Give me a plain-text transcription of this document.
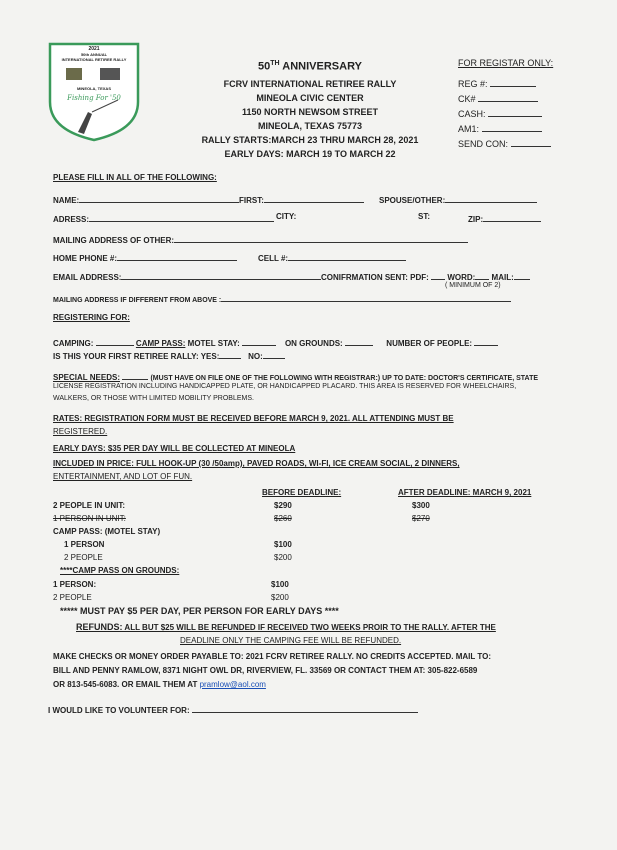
2021
50th ANNUAL
INTERNATIONAL RETIREE RALLY
MINEOLA, TEXAS
Fishing For '50
50TH ANNIVERSARY
FCRV INTERNATIONAL RETIREE RALLY
MINEOLA CIVIC CENTER
1150 NORTH NEWSOM STREET
MINEOLA, TEXAS 75773
RALLY STARTS:MARCH 23 THRU MARCH 28, 2021
EARLY DAYS: MARCH 19 TO MARCH 22
FOR REGISTAR ONLY:
REG #:
CK#
CASH:
AM1:
SEND CON:
PLEASE FILL IN ALL OF THE FOLLOWING:
NAME:	FIRST:	SPOUSE/OTHER:
ADRESS:	CITY:	ST:	ZIP:
MAILING ADDRESS OF OTHER:
HOME PHONE #:	CELL #:
EMAIL ADDRESS:	CONIFRMATION SENT: PDF: WORD: MAIL:
( MINIMUM OF 2)
MAILING ADDRESS IF DIFFERENT FROM ABOVE :
REGISTERING FOR:
CAMPING:	CAMP PASS: MOTEL STAY:	ON GROUNDS:	NUMBER OF PEOPLE:
IS THIS YOUR FIRST RETIREE RALLY: YES:	NO:
SPECIAL NEEDS:	(MUST HAVE ON FILE ONE OF THE FOLLOWING WITH REGISTRAR:) UP TO DATE: DOCTOR'S CERTIFICATE, STATE
LICENSE REGISTRATION INCLUDING HANDICAPPED PLATE, OR HANDICAPPED PLACARD. THIS AREA IS RESERVED FOR WHEELCHAIRS,
WALKERS, OR THOSE WITH LIMITED MOBILITY PROBLEMS.
RATES: REGISTRATION FORM MUST BE RECEIVED BEFORE MARCH 9, 2021. ALL ATTENDING MUST BE
REGISTERED.
EARLY DAYS: $35 PER DAY WILL BE COLLECTED AT MINEOLA
INCLUDED IN PRICE: FULL HOOK-UP (30 /50amp), PAVED ROADS, WI-FI, ICE CREAM SOCIAL, 2 DINNERS,
ENTERTAINMENT, AND LOT OF FUN.
BEFORE DEADLINE:	AFTER DEADLINE: MARCH 9, 2021
2 PEOPLE IN UNIT:	$290	$300
1 PERSON IN UNIT:	$260	$270
CAMP PASS: (MOTEL STAY)
1 PERSON	$100
2 PEOPLE	$200
****CAMP PASS ON GROUNDS:
1 PERSON:	$100
2 PEOPLE	$200
***** MUST PAY $5 PER DAY, PER PERSON FOR EARLY DAYS ****
REFUNDS: ALL BUT $25 WILL BE REFUNDED IF RECEIVED TWO WEEKS PROIR TO THE RALLY. AFTER THE
DEADLINE ONLY THE CAMPING FEE WILL BE REFUNDED.
MAKE CHECKS OR MONEY ORDER PAYABLE TO: 2021 FCRV RETIREE RALLY. NO CREDITS ACCEPTED. MAIL TO:
BILL AND PENNY RAMLOW, 8371 NIGHT OWL DR, RIVERVIEW, FL. 33569 OR CONTACT THEM AT: 305-822-6589
OR 813-545-6083. OR EMAIL THEM AT pramlow@aol.com
I WOULD LIKE TO VOLUNTEER FOR:
